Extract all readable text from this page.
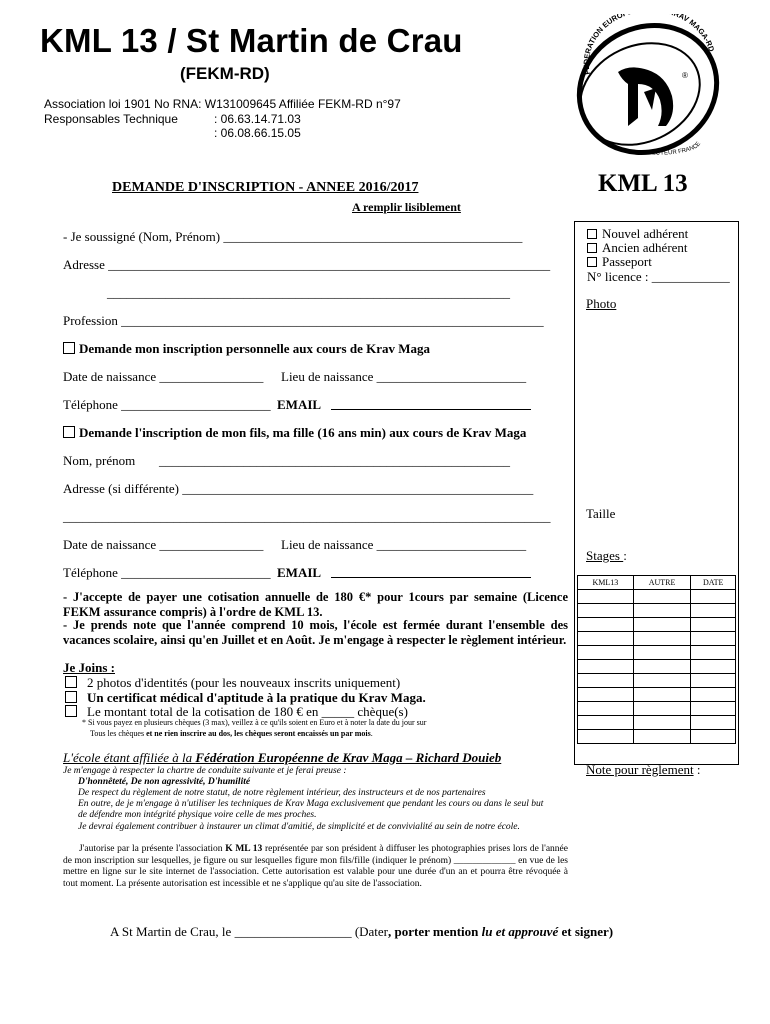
KML 13 / St Martin de Crau
(FEKM-RD)
Association loi 1901 No RNA: W131009645 Affiliée FEKM-RD n°97
Responsables Technique	: 06.63.14.71.03
: 06.08.66.15.05
FEDERATION EURO AV MAGA-RD
SECTEUR FRANCE
®
DEMANDE D'INSCRIPTION - ANNEE 2016/2017
A remplir lisiblement
KML 13
- Je soussigné (Nom, Prénom) ______________________________________________
Adresse ____________________________________________________________________
______________________________________________________________
Profession _________________________________________________________________
Demande mon inscription personnelle aux cours de Krav Maga
Date de naissance ________________ Lieu de naissance _______________________
Téléphone _______________________ EMAIL
Demande l'inscription de mon fils, ma fille (16 ans min) aux cours de Krav Maga
Nom, prénom ______________________________________________________
Adresse (si différente) ______________________________________________________
___________________________________________________________________________
Date de naissance ________________ Lieu de naissance _______________________
Téléphone _______________________ EMAIL
Nouvel adhérent
Ancien adhérent
Passeport
N° licence : ____________
Photo
Taille
Stages :
KML13	AUTRE	DATE

Note pour règlement :
- J'accepte de payer une cotisation annuelle de 180 €* pour 1cours par semaine (Licence FEKM assurance compris) à l'ordre de KML 13.
- Je prends note que l'année comprend 10 mois, l'école est fermée durant l'ensemble des vacances scolaire, ainsi qu'en Juillet et en Août. Je m'engage à respecter le règlement intérieur.
Je Joins :
2 photos d'identités (pour les nouveaux inscrits uniquement)
Un certificat médical d'aptitude à la pratique du Krav Maga.
Le montant total de la cotisation de 180 € en _____ chèque(s)
* Si vous payez en plusieurs chèques (3 max), veillez à ce qu'ils soient en Euro et à noter la date du jour sur
Tous les chèques et ne rien inscrire au dos, les chèques seront encaissés un par mois.
L'école étant affiliée à la Fédération Européenne de Krav Maga – Richard Douieb
Je m'engage à respecter la chartre de conduite suivante et je ferai preuse :
D'honnêteté, De non agressivité, D'humilité
De respect du règlement de notre statut, de notre règlement intérieur, des instructeurs et de nos partenaires
En outre, de je m'engage à n'utiliser les techniques de Krav Maga exclusivement que pendant les cours ou dans le seul but de défendre mon intégrité physique voire celle de mes proches.
Je devrai également contribuer à instaurer un climat d'amitié, de simplicité et de convivialité au sein de notre école.
J'autorise par la présente l'association K ML 13 représentée par son président à diffuser les photographies prises lors de l'année de mon inscription sur lesquelles, je figure ou sur lesquelles figure mon fils/fille (indiquer le prénom) _____________ en vue de les mettre en ligne sur le site internet de l'association. Cette autorisation est valable pour une durée d'un an et pourra être révoquée à tout moment. La présente autorisation est incessible et ne s'applique qu'au site de l'association.
A St Martin de Crau, le __________________ (Dater, porter mention lu et approuvé et signer)
